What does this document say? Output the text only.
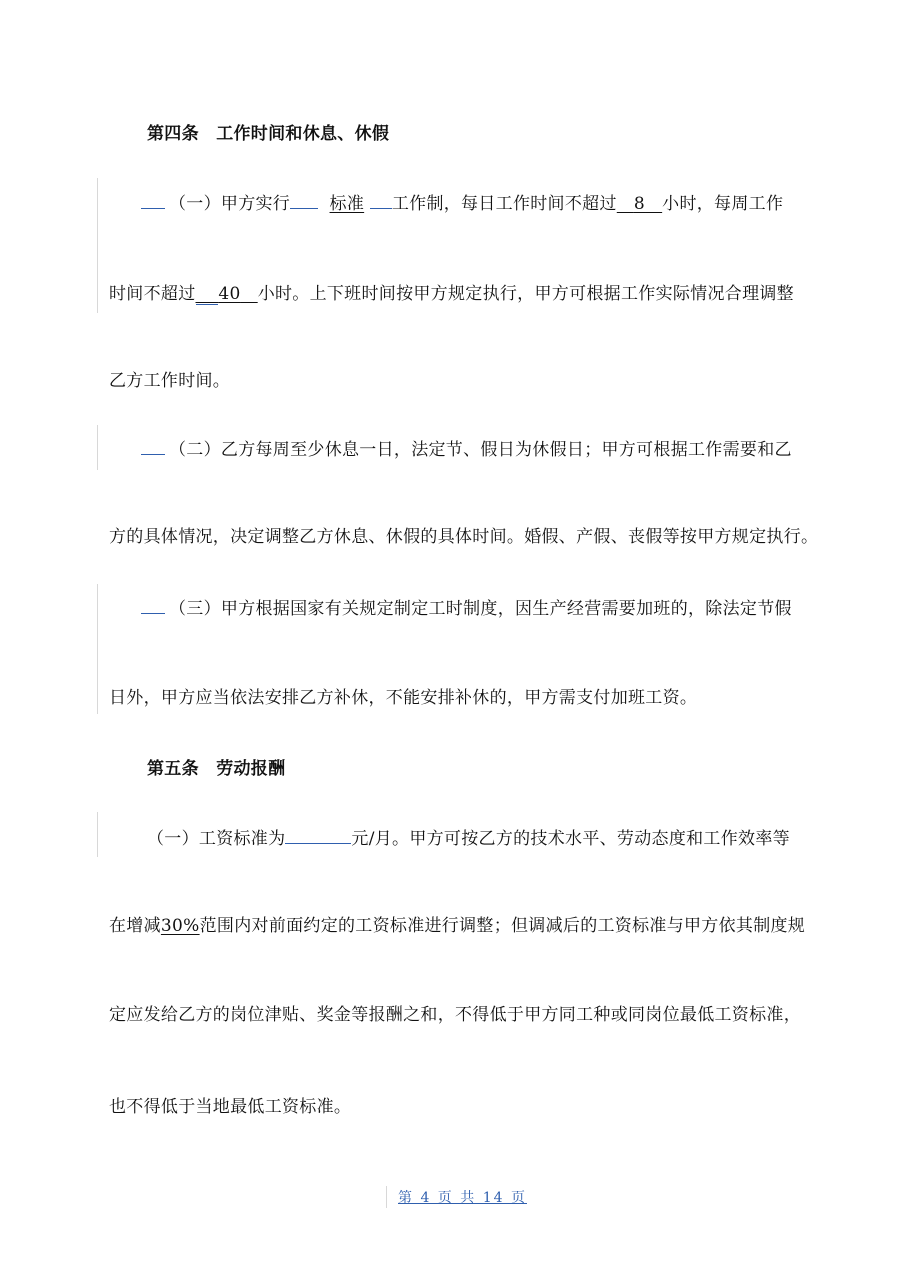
第四条　工作时间和休息、休假
（一）甲方实行 标准 工作制，每日工作时间不超过 8 小时，每周工作
时间不超过 40 小时。上下班时间按甲方规定执行，甲方可根据工作实际情况合理调整
乙方工作时间。
（二）乙方每周至少休息一日，法定节、假日为休假日；甲方可根据工作需要和乙
方的具体情况，决定调整乙方休息、休假的具体时间。婚假、产假、丧假等按甲方规定执行。
（三）甲方根据国家有关规定制定工时制度，因生产经营需要加班的，除法定节假
日外，甲方应当依法安排乙方补休，不能安排补休的，甲方需支付加班工资。
第五条　劳动报酬
（一）工资标准为	元/月。甲方可按乙方的技术水平、劳动态度和工作效率等
在增减30%范围内对前面约定的工资标准进行调整；但调减后的工资标准与甲方依其制度规
定应发给乙方的岗位津贴、奖金等报酬之和，不得低于甲方同工种或同岗位最低工资标准，
也不得低于当地最低工资标准。
第 4 页 共 14 页
